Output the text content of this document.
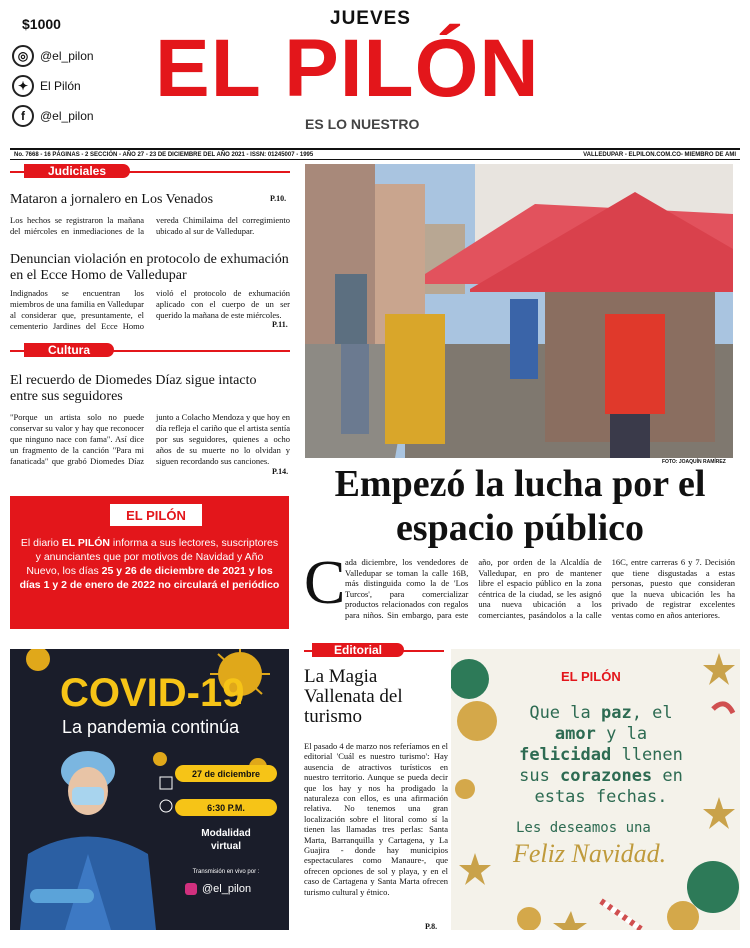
$1000
◎ @el_pilon
✦ El Pilón
f	@el_pilon
JUEVES
EL PILÓN
ES LO NUESTRO
No. 7668 - 16 PÁGINAS - 2 SECCIÓN - AÑO 27 - 23 DE DICIEMBRE DEL AÑO 2021 - ISSN: 01245007 - 1995	VALLEDUPAR - ELPILON.COM.CO- MIEMBRO DE AMI
Judiciales
Mataron a jornalero en Los Venados	P.10.
Los hechos se registraron la mañana del miércoles en inmediaciones de la vereda Chimilaima del corregimiento ubicado al sur de Valledupar.
Denuncian violación en protocolo de exhumación en el Ecce Homo de Valledupar
Indignados se encuentran los miembros de una familia en Valledupar al considerar que, presuntamente, el cementerio Jardines del Ecce Homo violó el protocolo de exhumación aplicado con el cuerpo de un ser querido la mañana de este miércoles.
P.11.
Cultura
El recuerdo de Diomedes Díaz sigue intacto entre sus seguidores
"Porque un artista solo no puede conservar su valor y hay que reconocer que ninguno nace con fama". Así dice un fragmento de la canción "Para mi fanaticada" que grabó Diomedes Díaz junto a Colacho Mendoza y que hoy en día refleja el cariño que el artista sentía por sus seguidores, quienes a ocho años de su muerte no lo olvidan y siguen recordando sus canciones.
P.14.
EL PILÓN
El diario EL PILÓN informa a sus lectores, suscriptores y anunciantes que por motivos de Navidad y Año Nuevo, los días 25 y 26 de diciembre de 2021 y los días 1 y 2 de enero de 2022 no circulará el periódico
COVID-19
La pandemia continúa
27 de diciembre
6:30 P.M.
Modalidad
virtual
Transmisión en vivo por :
@el_pilon
FOTO: JOAQUÍN RAMÍREZ
Empezó la lucha por el espacio público
C ada diciembre, los vendedores de Valledupar se toman la calle 16B, más distinguida como la de 'Los Turcos', para comercializar productos relacionados con regalos para niños. Sin embargo, para este año, por orden de la Alcaldía de Valledupar, en pro de mantener libre el espacio público en la zona céntrica de la ciudad, se les asignó una nueva ubicación a los comerciantes, pasándolos a la calle 16C, entre carreras 6 y 7. Decisión que tiene disgustadas a estas personas, puesto que consideran que la nueva ubicación les ha privado de registrar excelentes ventas como en años anteriores.
Editorial
La Magia Vallenata del turismo
El pasado 4 de marzo nos referíamos en el editorial 'Cuál es nuestro turismo': Hay ausencia de atractivos turísticos en nuestro territorio. Aunque se pueda decir que los hay y nos ha prodigado la naturaleza con ellos, es una afirmación relativa. No tenemos una gran localización sobre el litoral como sí la tienen las llamadas tres perlas: Santa Marta, Barranquilla y Cartagena, y La Guajira - donde hay municipios espectaculares como Manaure-, que ofrecen opciones de sol y playa, y en el caso de Cartagena y Santa Marta ofrecen turismo cultural y étnico.
P.8.
EL PILÓN
Que la paz, el amor y la felicidad llenen sus corazones en estas fechas.
Les deseamos una
Feliz Navidad.
